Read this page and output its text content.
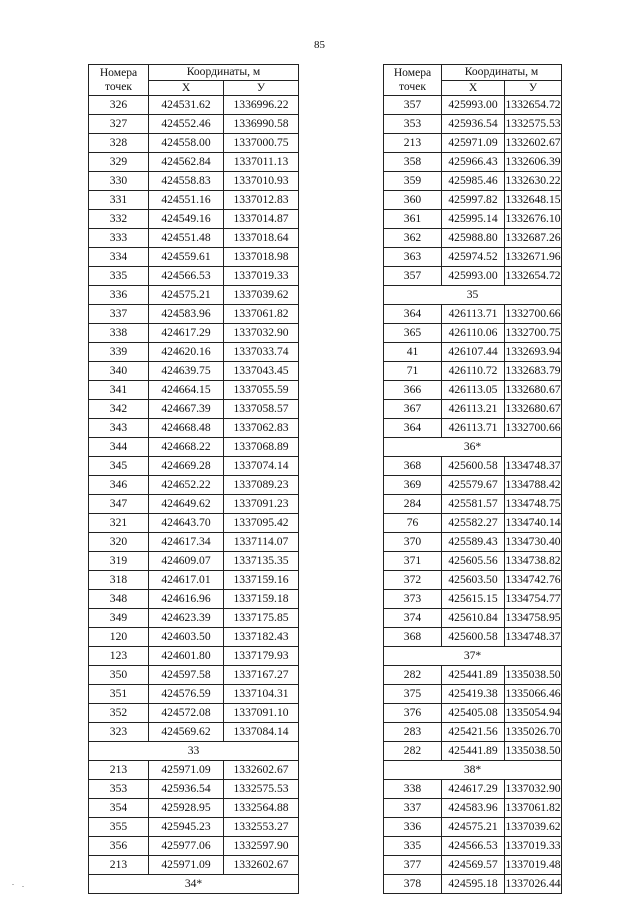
85
Номера точек	Координаты, м	
	X	У
326	424531.62	1336996.22
327	424552.46	1336990.58
328	424558.00	1337000.75
329	424562.84	1337011.13
330	424558.83	1337010.93
331	424551.16	1337012.83
332	424549.16	1337014.87
333	424551.48	1337018.64
334	424559.61	1337018.98
335	424566.53	1337019.33
336	424575.21	1337039.62
337	424583.96	1337061.82
338	424617.29	1337032.90
339	424620.16	1337033.74
340	424639.75	1337043.45
341	424664.15	1337055.59
342	424667.39	1337058.57
343	424668.48	1337062.83
344	424668.22	1337068.89
345	424669.28	1337074.14
346	424652.22	1337089.23
347	424649.62	1337091.23
321	424643.70	1337095.42
320	424617.34	1337114.07
319	424609.07	1337135.35
318	424617.01	1337159.16
348	424616.96	1337159.18
349	424623.39	1337175.85
120	424603.50	1337182.43
123	424601.80	1337179.93
350	424597.58	1337167.27
351	424576.59	1337104.31
352	424572.08	1337091.10
323	424569.62	1337084.14
33		
213	425971.09	1332602.67
353	425936.54	1332575.53
354	425928.95	1332564.88
355	425945.23	1332553.27
356	425977.06	1332597.90
213	425971.09	1332602.67
34*		
Номера точек	Координаты, м	
	X	У
357	425993.00	1332654.72
353	425936.54	1332575.53
213	425971.09	1332602.67
358	425966.43	1332606.39
359	425985.46	1332630.22
360	425997.82	1332648.15
361	425995.14	1332676.10
362	425988.80	1332687.26
363	425974.52	1332671.96
357	425993.00	1332654.72
35		
364	426113.71	1332700.66
365	426110.06	1332700.75
41	426107.44	1332693.94
71	426110.72	1332683.79
366	426113.05	1332680.67
367	426113.21	1332680.67
364	426113.71	1332700.66
36*		
368	425600.58	1334748.37
369	425579.67	1334788.42
284	425581.57	1334748.75
76	425582.27	1334740.14
370	425589.43	1334730.40
371	425605.56	1334738.82
372	425603.50	1334742.76
373	425615.15	1334754.77
374	425610.84	1334758.95
368	425600.58	1334748.37
37*		
282	425441.89	1335038.50
375	425419.38	1335066.46
376	425405.08	1335054.94
283	425421.56	1335026.70
282	425441.89	1335038.50
38*		
338	424617.29	1337032.90
337	424583.96	1337061.82
336	424575.21	1337039.62
335	424566.53	1337019.33
377	424569.57	1337019.48
378	424595.18	1337026.44
